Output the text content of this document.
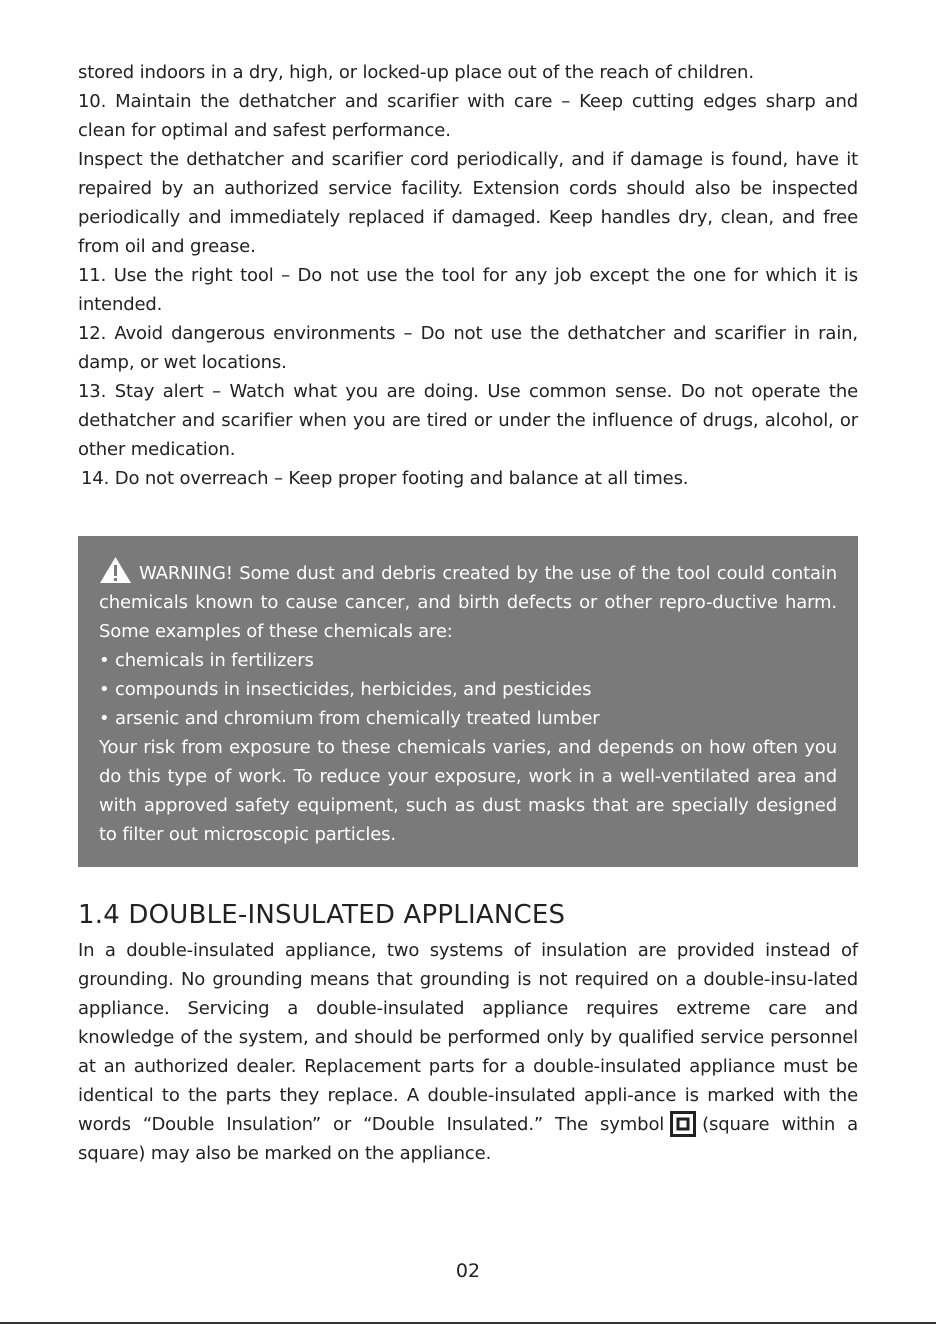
stored indoors in a dry, high, or locked-up place out of the reach of children.

10. Maintain the dethatcher and scarifier with care – Keep cutting edges sharp and clean for optimal and safest performance.

Inspect the dethatcher and scarifier cord periodically, and if damage is found, have it repaired by an authorized service facility. Extension cords should also be inspected periodically and immediately replaced if damaged. Keep handles dry, clean, and free from oil and grease.

11. Use the right tool – Do not use the tool for any job except the one for which it is intended.

12. Avoid dangerous environments – Do not use the dethatcher and scarifier in rain, damp, or wet locations.

13. Stay alert – Watch what you are doing. Use common sense. Do not operate the dethatcher and scarifier when you are tired or under the influence of drugs, alcohol, or other medication.

14. Do not overreach – Keep proper footing and balance at all times.

WARNING! Some dust and debris created by the use of the tool could contain chemicals known to cause cancer, and birth defects or other repro-ductive harm. Some examples of these chemicals are:

• chemicals in fertilizers

• compounds in insecticides, herbicides, and pesticides

• arsenic and chromium from chemically treated lumber

Your risk from exposure to these chemicals varies, and depends on how often you do this type of work. To reduce your exposure, work in a well-ventilated area and with approved safety equipment, such as dust masks that are specially designed to filter out microscopic particles.

1.4 DOUBLE-INSULATED APPLIANCES

In a double-insulated appliance, two systems of insulation are provided instead of grounding. No grounding means that grounding is not required on a double-insu-lated appliance. Servicing a double-insulated appliance requires extreme care and knowledge of the system, and should be performed only by qualified service personnel at an authorized dealer. Replacement parts for a double-insulated appliance must be identical to the parts they replace. A double-insulated appli-ance is marked with the words “Double Insulation” or “Double Insulated.” The symbol (square within a square) may also be marked on the appliance.

02
